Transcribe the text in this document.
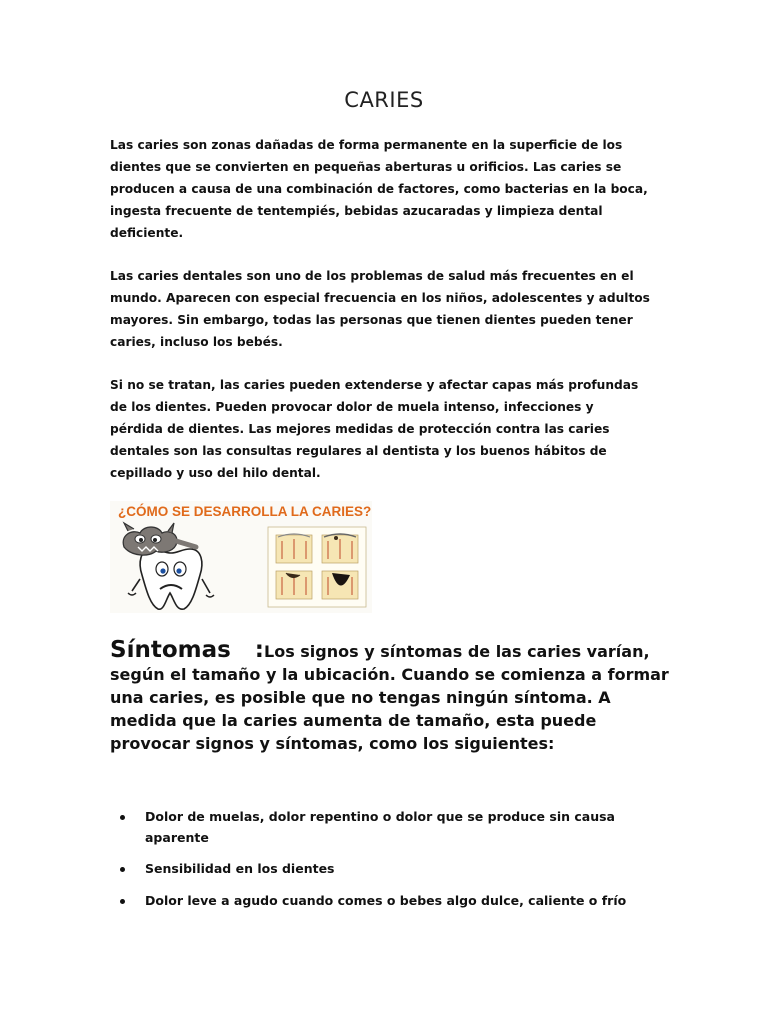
CARIES

Las caries son zonas dañadas de forma permanente en la superficie de los dientes que se convierten en pequeñas aberturas u orificios. Las caries se producen a causa de una combinación de factores, como bacterias en la boca, ingesta frecuente de tentempiés, bebidas azucaradas y limpieza dental deficiente.

Las caries dentales son uno de los problemas de salud más frecuentes en el mundo. Aparecen con especial frecuencia en los niños, adolescentes y adultos mayores. Sin embargo, todas las personas que tienen dientes pueden tener caries, incluso los bebés.

Si no se tratan, las caries pueden extenderse y afectar capas más profundas de los dientes. Pueden provocar dolor de muela intenso, infecciones y pérdida de dientes. Las mejores medidas de protección contra las caries dentales son las consultas regulares al dentista y los buenos hábitos de cepillado y uso del hilo dental.

¿CÓMO SE DESARROLLA LA CARIES?
Síntomas :Los signos y síntomas de las caries varían, según el tamaño y la ubicación. Cuando se comienza a formar una caries, es posible que no tengas ningún síntoma. A medida que la caries aumenta de tamaño, esta puede provocar signos y síntomas, como los siguientes:
Dolor de muelas, dolor repentino o dolor que se produce sin causa aparente
Sensibilidad en los dientes
Dolor leve a agudo cuando comes o bebes algo dulce, caliente o frío
